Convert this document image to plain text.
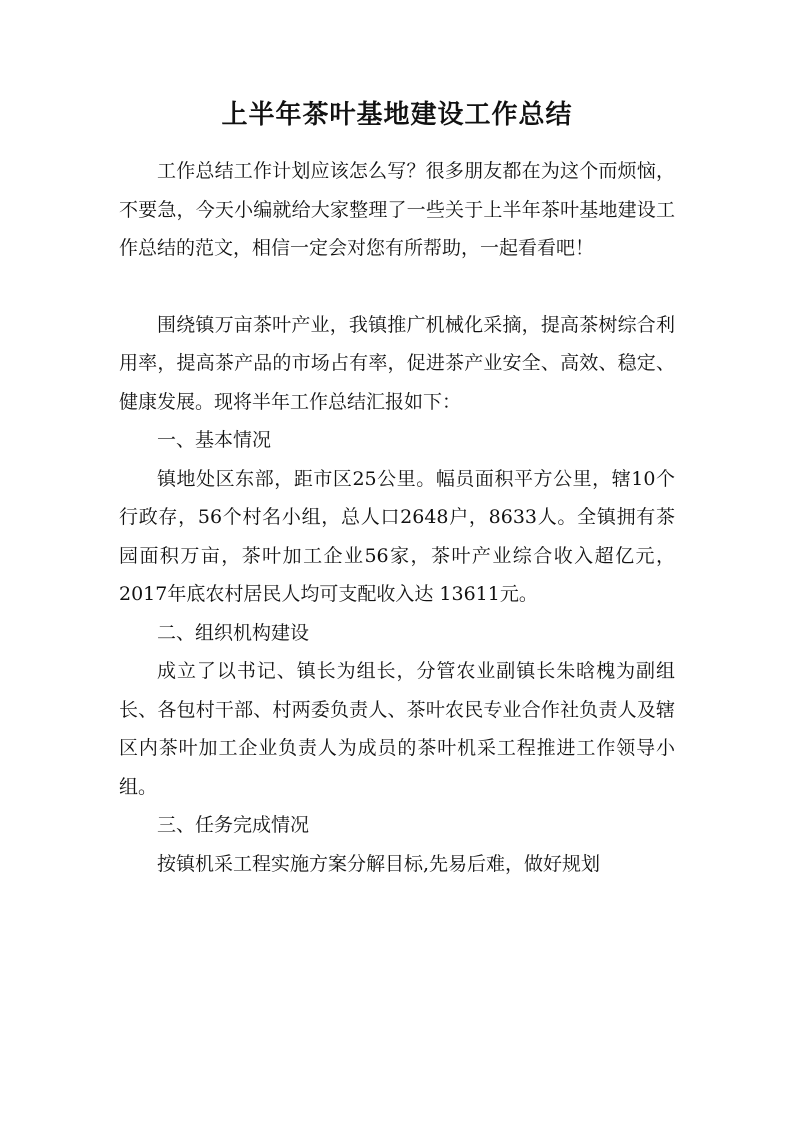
上半年茶叶基地建设工作总结

工作总结工作计划应该怎么写？很多朋友都在为这个而烦恼，不要急，今天小编就给大家整理了一些关于上半年茶叶基地建设工作总结的范文，相信一定会对您有所帮助，一起看看吧！

围绕镇万亩茶叶产业，我镇推广机械化采摘，提高茶树综合利用率，提高茶产品的市场占有率，促进茶产业安全、高效、稳定、健康发展。现将半年工作总结汇报如下：

一、基本情况

镇地处区东部，距市区25公里。幅员面积平方公里，辖10个行政存，56个村名小组，总人口2648户，8633人。全镇拥有茶园面积万亩，茶叶加工企业56家，茶叶产业综合收入超亿元，2017年底农村居民人均可支配收入达 13611元。

二、组织机构建设

成立了以书记、镇长为组长，分管农业副镇长朱晗槐为副组长、各包村干部、村两委负责人、茶叶农民专业合作社负责人及辖区内茶叶加工企业负责人为成员的茶叶机采工程推进工作领导小组。

三、任务完成情况

按镇机采工程实施方案分解目标,先易后难，做好规划
